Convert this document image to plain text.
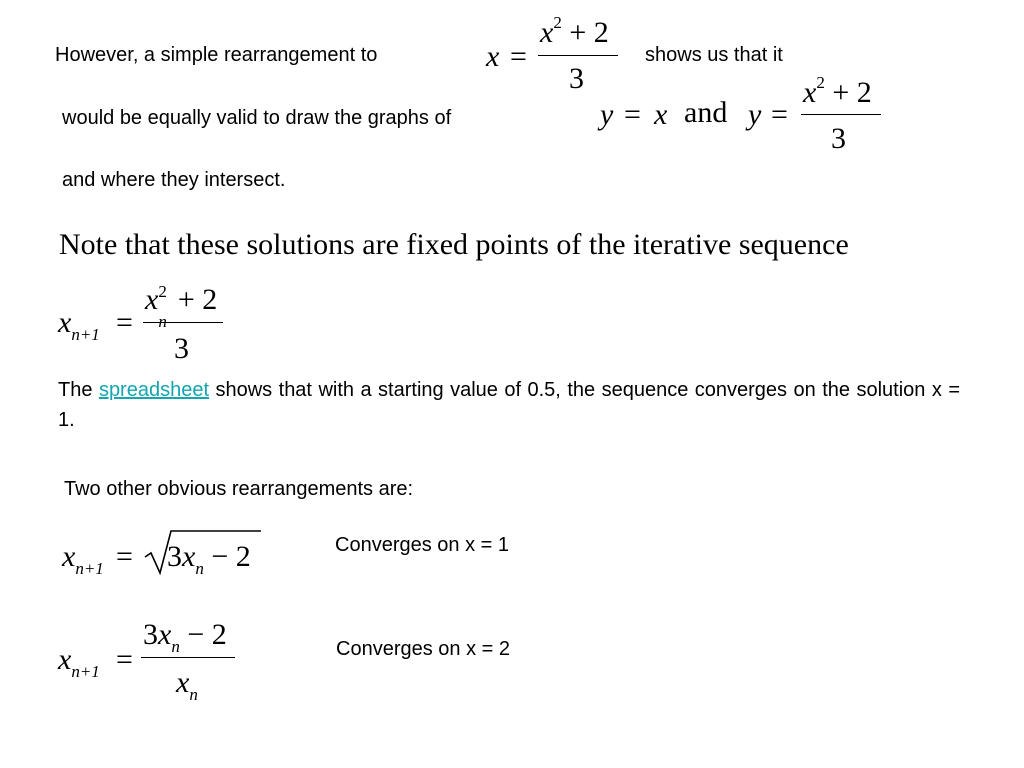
However, a simple rearrangement to	x =
$x^2 + 2$
3
shows us that it
would be equally valid to draw the graphs of	y = x and y =
$x^2 + 2$
3
and where they intersect.
Note that these solutions are fixed points of the iterative sequence
$x_{n+1}$ =
x 2
n
+ 2
3
The spreadsheet shows that with a starting value of 0.5, the sequence converges on the solution x = 1.
Two other obvious rearrangements are:
$x_{n+1} = 3x_n - 2$	Converges on x = 1
$x_{n+1}$ =
$3x_n - 2$
$x_n$
Converges on x = 2
